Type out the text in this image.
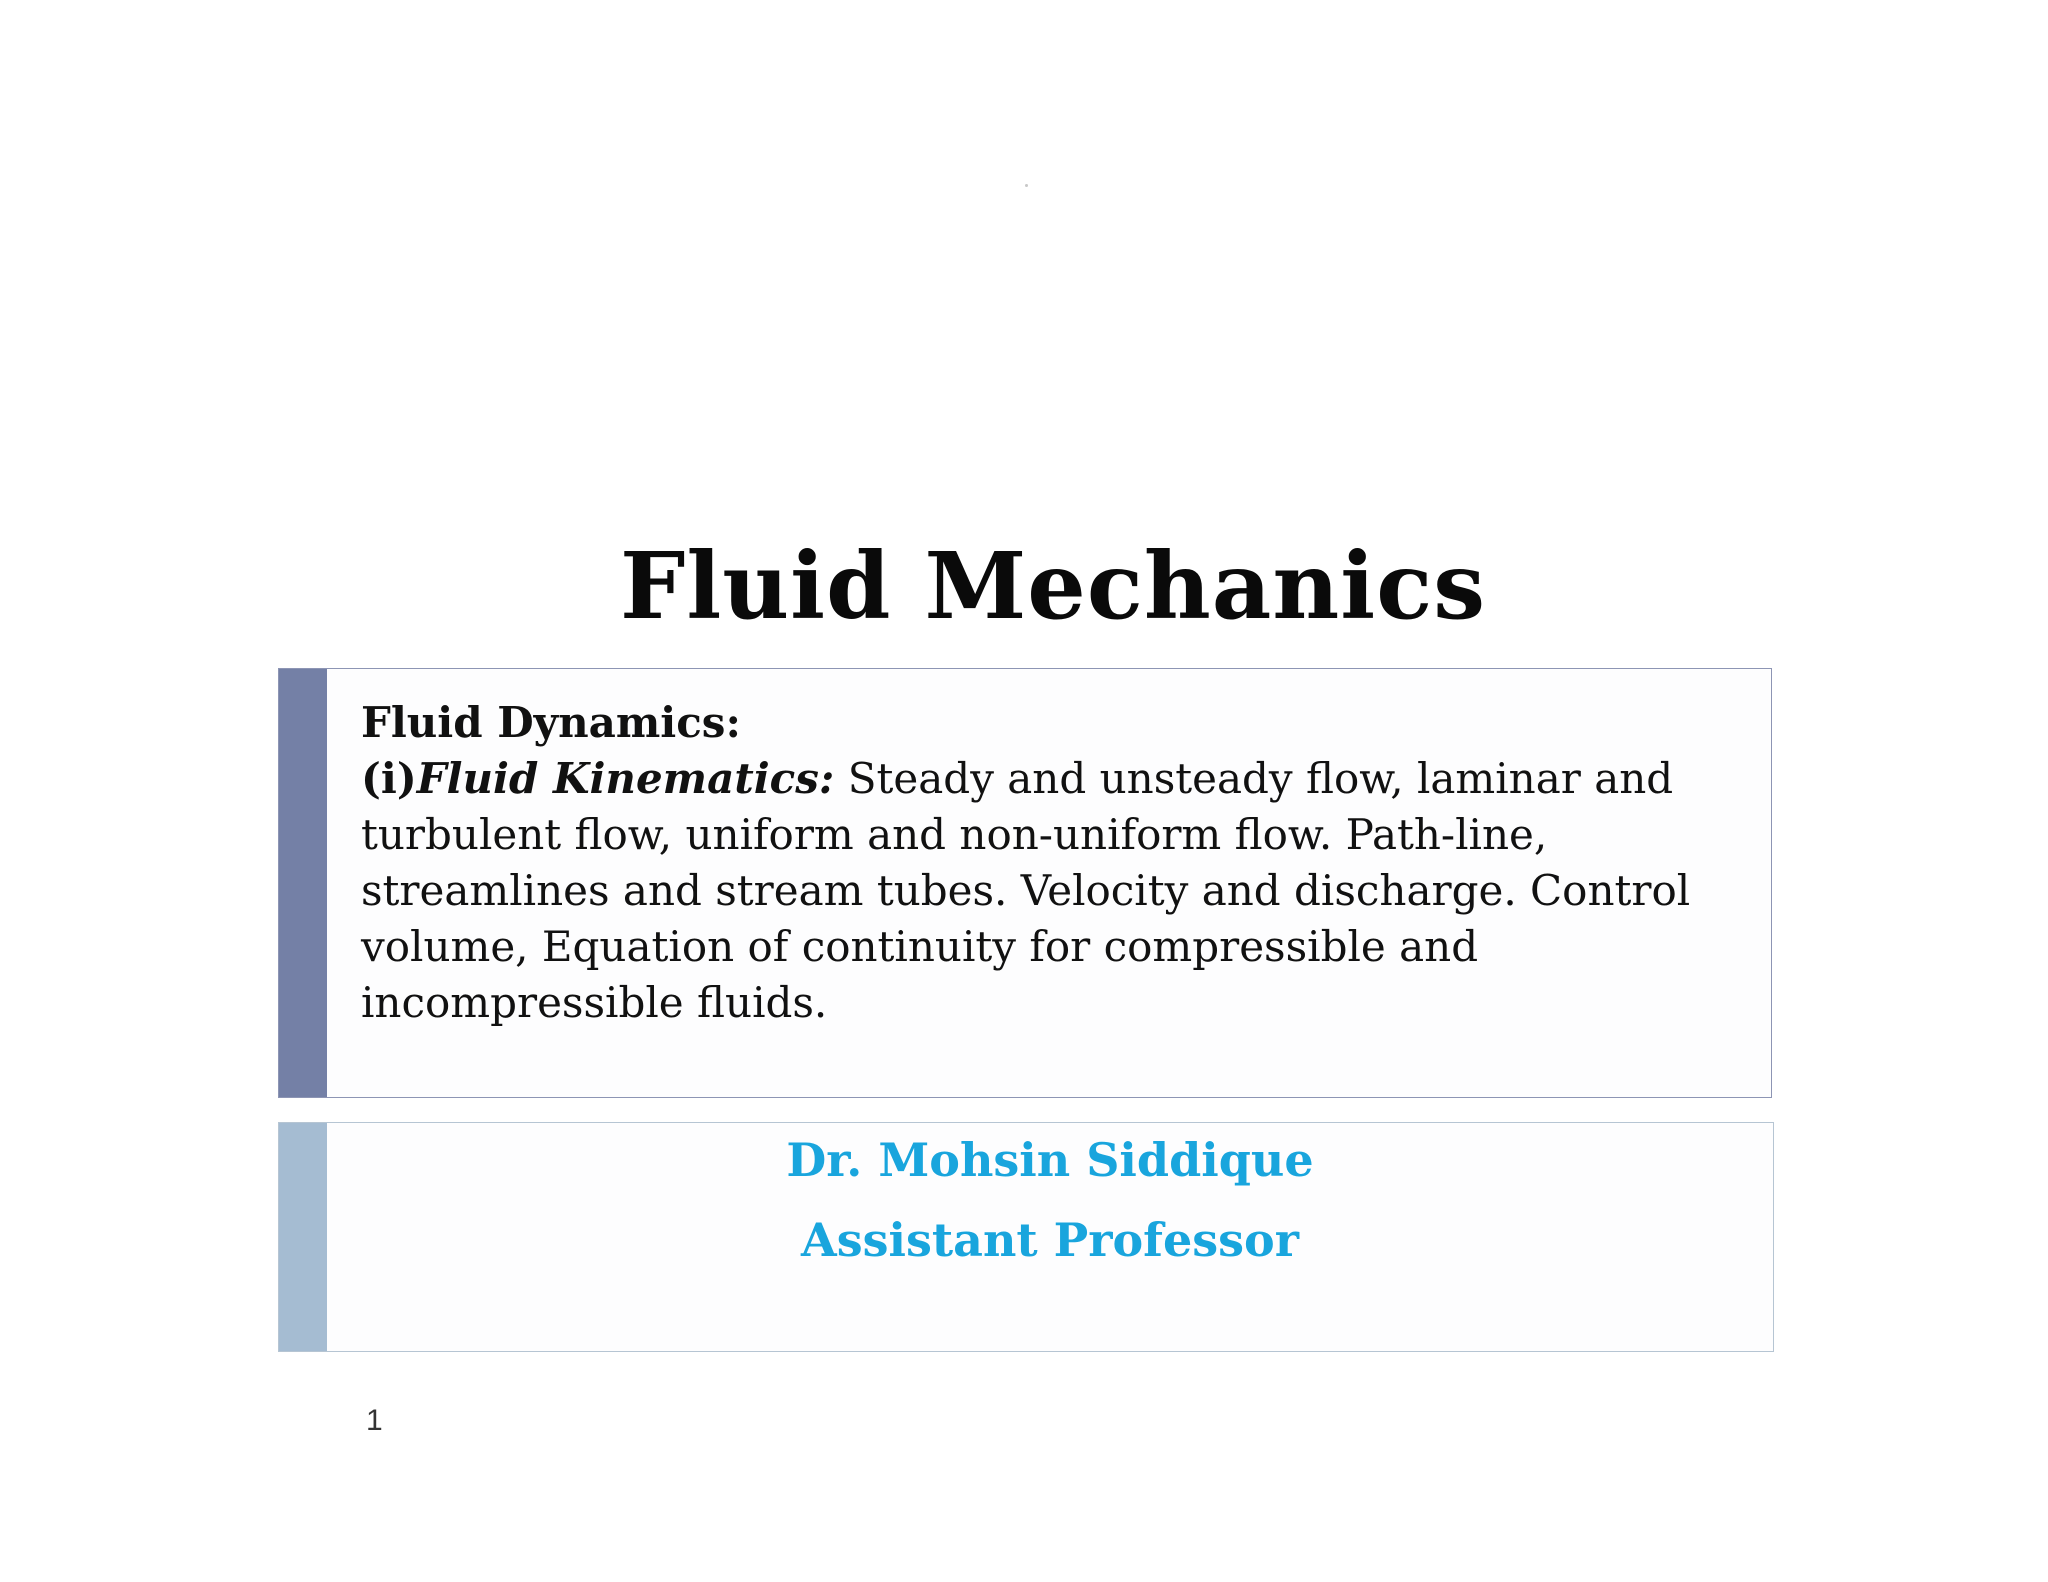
Fluid Mechanics
Fluid Dynamics:
(i)Fluid Kinematics: Steady and unsteady flow, laminar and turbulent flow, uniform and non-uniform flow. Path-line, streamlines and stream tubes. Velocity and discharge. Control volume, Equation of continuity for compressible and incompressible fluids.
Dr. Mohsin Siddique
Assistant Professor
1
